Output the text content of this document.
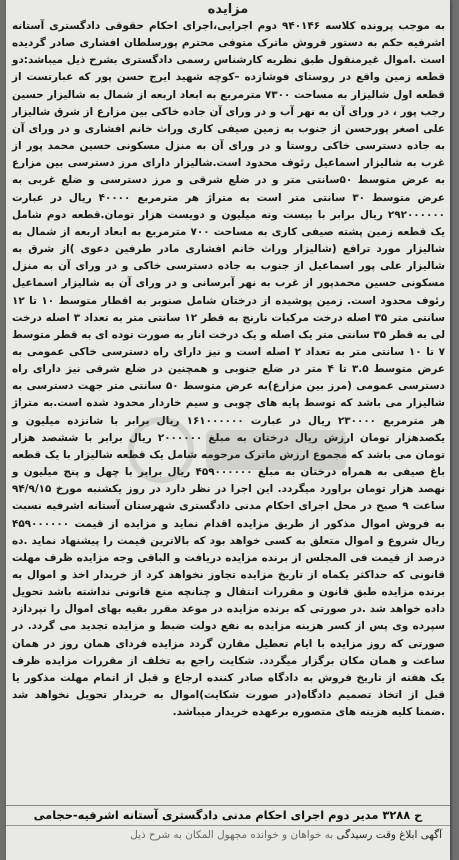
مزایده
به موجب پرونده کلاسه ۹۴۰۱۴۶ دوم اجرایی،اجرای احکام حقوقی دادگستری آستانه اشرفیه حکم به دستور فروش ماترک متوفی محترم پورسلطان افشاری صادر گردیده است .اموال غیرمنقول طبق نظریه کارشناس رسمی دادگستری بشرح ذیل میباشد:دو قطعه زمین واقع در روستای فوشازده –کوچه شهید ایرج حسن پور که عبارتست از قطعه اول شالیزار به مساحت ۷۳۰۰ مترمربع به ابعاد اربعه از شمال به شالیزار حسین رجب پور ، در ورای آن به نهر آب و در ورای آن جاده خاکی بین مزارع از شرق شالیزار علی اصغر پورحسن از جنوب به زمین صیفی کاری وراث خانم افشاری و در ورای آن به جاده دسترسی خاکی روستا و در ورای آن به منزل مسکونی حسین محمد پور از غرب به شالیزار اسماعیل رئوف محدود است.شالیزار دارای مرز دسترسی بین مزارع به عرض متوسط ۵۰سانتی متر و در ضلع شرقی و مرز دسترسی و ضلع غربی به عرض متوسط ۳۰ سانتی متر است به متراژ هر مترمربع ۴۰۰۰۰ ریال در عبارت ۲۹۲۰۰۰۰۰۰ ریال برابر با بیست ونه میلیون و دویست هزار تومان.قطعه دوم شامل یک قطعه زمین پشته صیفی کاری به مساحت ۷۰۰ مترمربع به ابعاد اربعه از شمال به شالیزار مورد ترافع (شالیزار وراث خانم افشاری مادر طرفین دعوی )از شرق به شالیزار علی پور اسماعیل از جنوب به جاده دسترسی خاکی و در ورای آن به منزل مسکونی حسین محمدپور از غرب به نهر آبرسانی و در ورای آن به شالیزار اسماعیل رئوف محدود است. زمین پوشیده از درختان شامل صنوبر به اقطار متوسط ۱۰ تا ۱۲ سانتی متر ۳۵ اصله درخت مرکبات نارنج به قطر ۱۲ سانتی متر به تعداد ۳ اصله درخت لی به قطر ۳۵ سانتی متر یک اصله و یک درخت انار به صورت توده ای به قطر متوسط ۷ تا ۱۰ سانتی متر به تعداد ۲ اصله است و نیز دارای راه دسترسی خاکی عمومی به عرض متوسط ۳.۵ تا ۴ متر در ضلع جنوبی و همچنین در ضلع شرقی نیز دارای راه دسترسی عمومی (مرز بین مزارع)به عرض متوسط ۵۰ سانتی متر جهت دسترسی به شالیزار می باشد که توسط پایه های چوبی و سیم خاردار محدود شده است.به متراژ هر مترمربع ۲۳۰۰۰۰ ریال در عبارت ۱۶۱۰۰۰۰۰۰ ریال برابر با شانزده میلیون و یکصدهزار تومان ارزش ریال درختان به مبلغ ۲۰۰۰۰۰۰ ریال برابر با ششصد هزار تومان می باشد که مجموع ارزش ماترک مرحومه شامل یک قطعه شالیزار با یک قطعه باغ صیفی به همراه درختان به مبلغ ۴۵۹۰۰۰۰۰۰ ریال برابر با چهل و پنج میلیون و نهصد هزار تومان براورد میگردد. این اجرا در نظر دارد در روز یکشنبه مورخ ۹۴/۹/۱۵ ساعت ۹ صبح در محل اجرای احکام مدنی دادگستری شهرستان آستانه اشرفیه نسبت به فروش اموال مذکور از طریق مزایده اقدام نماید و مزایده از قیمت ۴۵۹۰۰۰۰۰۰ ریال شروع و اموال متعلق به کسی خواهد بود که بالاترین قیمت را پیشنهاد نماید .ده درصد از قیمت فی المجلس از برنده مزایده دریافت و الباقی وجه مزایده ظرف مهلت قانونی که حداکثر یکماه از تاریخ مزایده تجاوز نخواهد کرد از خریدار اخذ و اموال به برنده مزایده طبق قانون و مقررات انتقال و چنانچه منع قانونی نداشته باشد تحویل داده خواهد شد .در صورتی که برنده مزایده در موعد مقرر بقیه بهای اموال را نپردازد سپرده وی پس از کسر هزینه مزایده به نفع دولت ضبط و مزایده تجدید می گردد. در صورتی که روز مزایده با ایام تعطیل مقارن گردد مزایده فردای همان روز در همان ساعت و همان مکان برگزار میگردد. شکایت راجع به تخلف از مقررات مزایده ظرف یک هفته از تاریخ فروش به دادگاه صادر کننده ارجاع و قبل از اتمام مهلت مذکور یا قبل از اتخاذ تصمیم دادگاه(در صورت شکایت)اموال به خریدار تحویل نخواهد شد .ضمنا کلیه هزینه های متصوره برعهده خریدار میباشد.
ح ۳۲۸۸ مدیر دوم اجرای احکام مدنی دادگستری آستانه اشرفیه-حجامی
آگهی ابلاغ وقت رسیدگی به خواهان و خوانده مجهول المکان به شرح ذیل
